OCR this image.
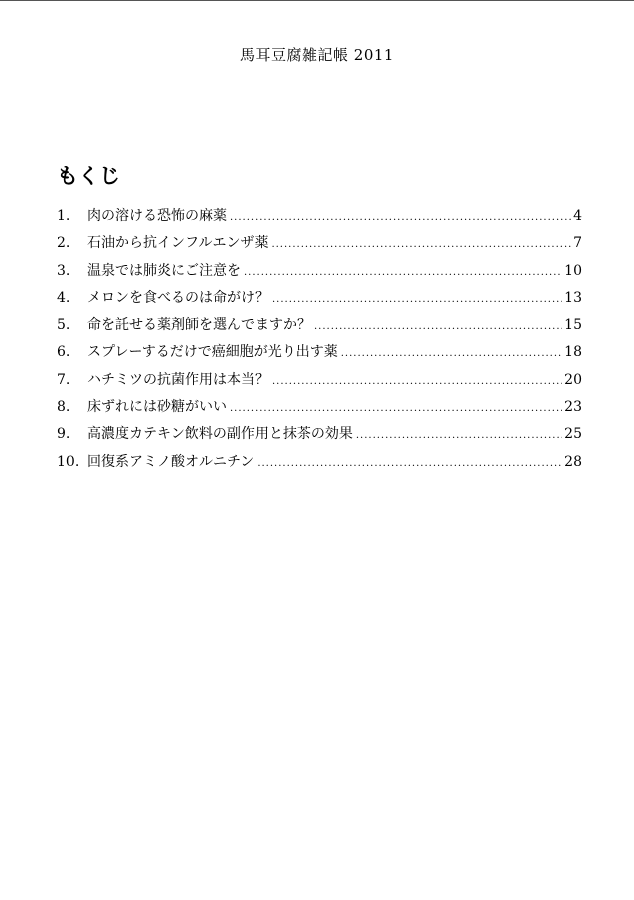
馬耳豆腐雑記帳 2011
もくじ
1.	肉の溶ける恐怖の麻薬 .....	4
2.	石油から抗インフルエンザ薬 .....	7
3.	温泉では肺炎にご注意を .....	10
4.	メロンを食べるのは命がけ？ .....	13
5.	命を託せる薬剤師を選んでますか？ .....	15
6.	スプレーするだけで癌細胞が光り出す薬 .....	18
7.	ハチミツの抗菌作用は本当？ .....	20
8.	床ずれには砂糖がいい .....	23
9.	高濃度カテキン飲料の副作用と抹茶の効果 .....	25
10. 回復系アミノ酸オルニチン .....	28
